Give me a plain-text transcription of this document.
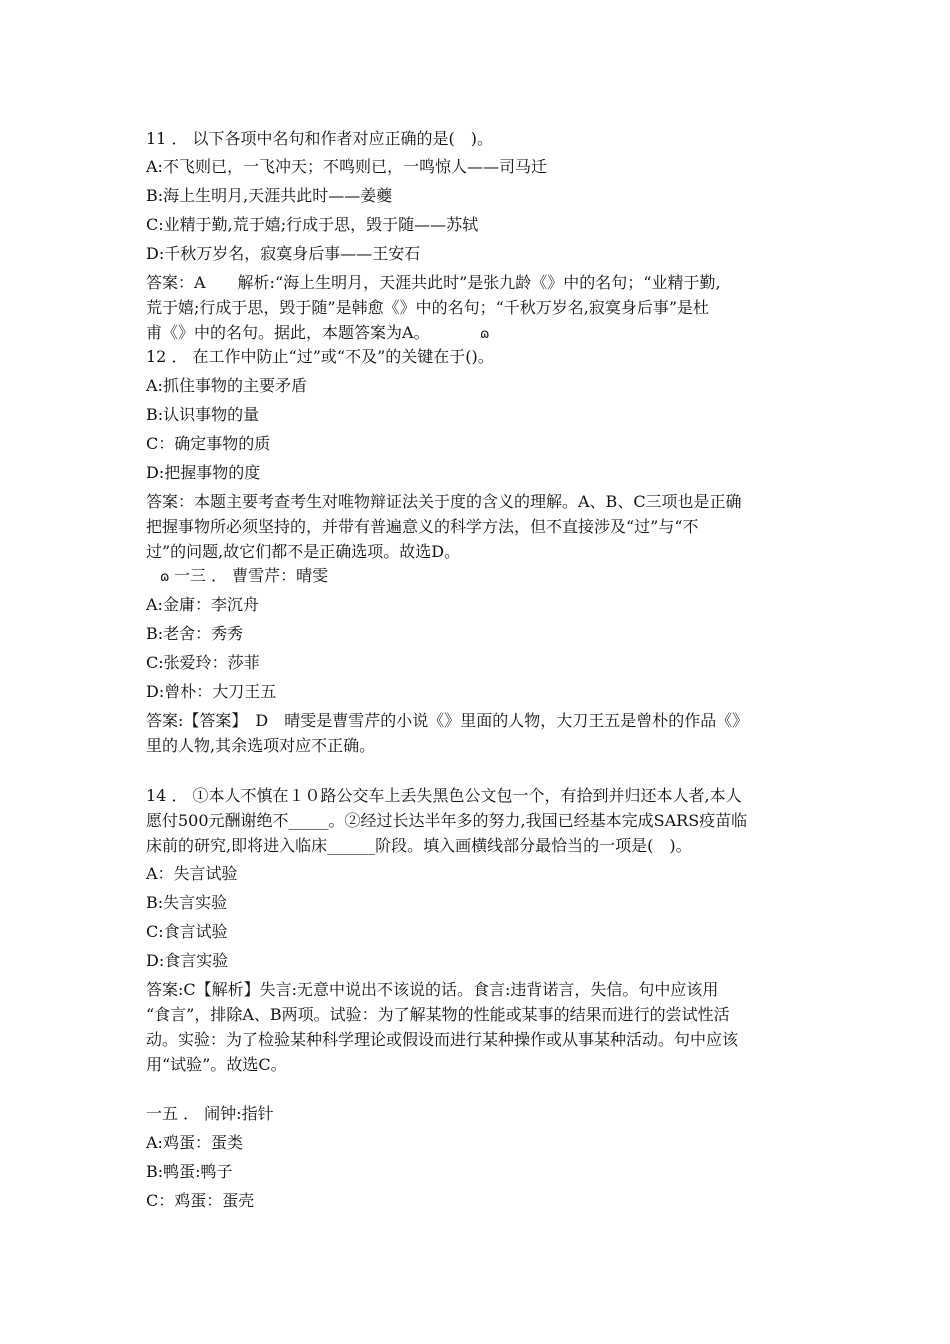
11 ． 以下各项中名句和作者对应正确的是(　)。
A:不飞则已，一飞冲天；不鸣则已，一鸣惊人——司马迁
B:海上生明月,天涯共此时——姜夔
C:业精于勤,荒于嬉;行成于思，毁于随——苏轼
D:千秋万岁名，寂寞身后事——王安石
答案：A　　解析:“海上生明月，天涯共此时”是张九龄《》中的名句；“业精于勤,
荒于嬉;行成于思，毁于随”是韩愈《》中的名句；“千秋万岁名,寂寞身后事”是杜
甫《》中的名句。据此，本题答案为A。	ɷ
12 ． 在工作中防止“过”或“不及”的关键在于()。
A:抓住事物的主要矛盾
B:认识事物的量
C：确定事物的质
D:把握事物的度
答案：本题主要考查考生对唯物辩证法关于度的含义的理解。A、B、C三项也是正确
把握事物所必须坚持的，并带有普遍意义的科学方法，但不直接涉及“过”与“不
过”的问题,故它们都不是正确选项。故选D。
ɷ 一三 ． 曹雪芹：晴雯
A:金庸：李沉舟
B:老舍：秀秀
C:张爱玲：莎菲
D:曾朴：大刀王五
答案:【答案】　D　晴雯是曹雪芹的小说《》里面的人物，大刀王五是曾朴的作品《》
里的人物,其余选项对应不正确。
14 ． ①本人不慎在１０路公交车上丢失黑色公文包一个，有拾到并归还本人者,本人
愿付500元酬谢绝不_____。②经过长达半年多的努力,我国已经基本完成SARS疫苗临
床前的研究,即将进入临床______阶段。填入画横线部分最恰当的一项是(　)。
A：失言试验
B:失言实验
C:食言试验
D:食言实验
答案:C【解析】失言:无意中说出不该说的话。食言:违背诺言，失信。句中应该用
“食言”，排除A、B两项。试验：为了解某物的性能或某事的结果而进行的尝试性活
动。实验：为了检验某种科学理论或假设而进行某种操作或从事某种活动。句中应该
用“试验”。故选C。
一五 ． 闹钟:指针
A:鸡蛋：蛋类
B:鸭蛋:鸭子
C：鸡蛋：蛋壳
